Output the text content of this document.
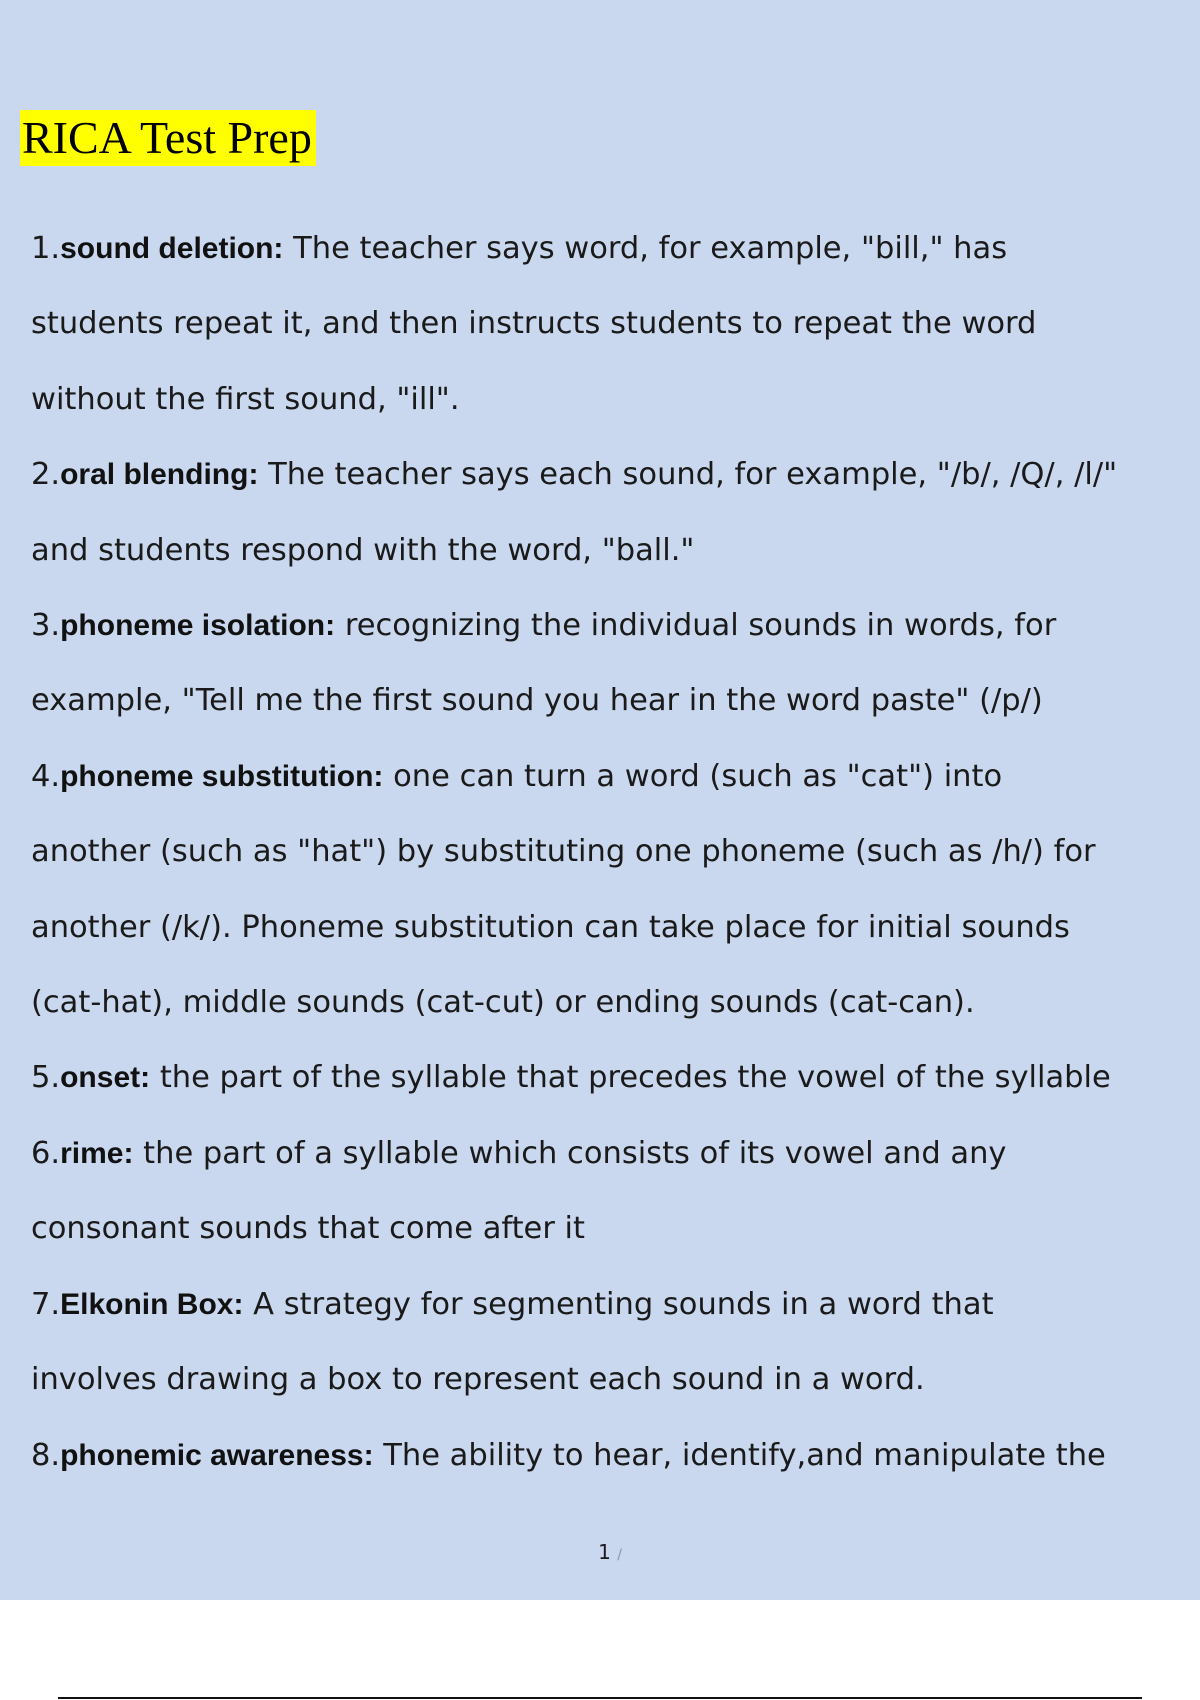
RICA Test Prep
1.sound deletion: The teacher says word, for example, "bill," has
students repeat it, and then instructs students to repeat the word
without the first sound, "ill".
2.oral blending: The teacher says each sound, for example, "/b/, /Q/, /l/"
and students respond with the word, "ball."
3.phoneme isolation: recognizing the individual sounds in words, for
example, "Tell me the first sound you hear in the word paste" (/p/)
4.phoneme substitution: one can turn a word (such as "cat") into
another (such as "hat") by substituting one phoneme (such as /h/) for
another (/k/). Phoneme substitution can take place for initial sounds
(cat-hat), middle sounds (cat-cut) or ending sounds (cat-can).
5.onset: the part of the syllable that precedes the vowel of the syllable
6.rime: the part of a syllable which consists of its vowel and any
consonant sounds that come after it
7.Elkonin Box: A strategy for segmenting sounds in a word that
involves drawing a box to represent each sound in a word.
8.phonemic awareness: The ability to hear, identify,and manipulate the
1 /
